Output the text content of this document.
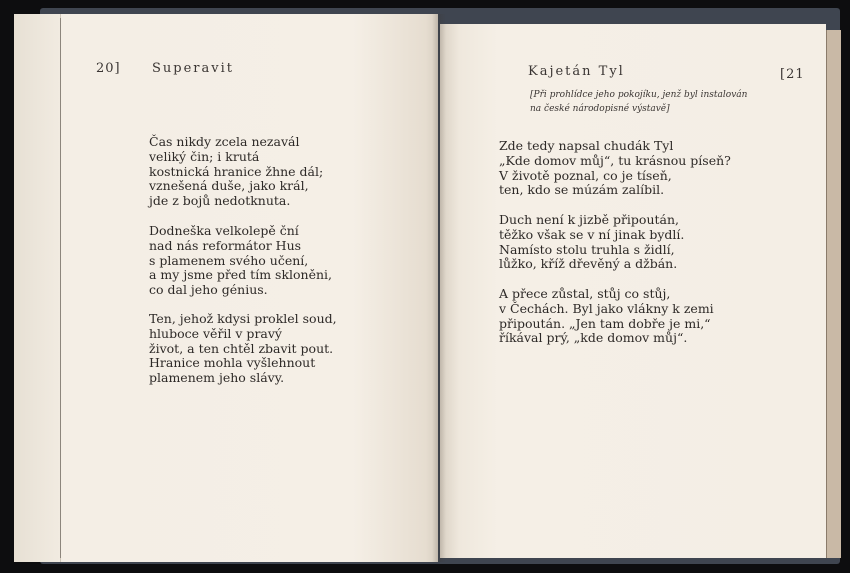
20] Superavit
Čas nikdy zcela nezavál
veliký čin; i krutá
kostnická hranice žhne dál;
vznešená duše, jako král,
jde z bojů nedotknuta.
Dodneška velkolepě ční
nad nás reformátor Hus
s plamenem svého učení,
a my jsme před tím skloněni,
co dal jeho génius.
Ten, jehož kdysi proklel soud,
hluboce věřil v pravý
život, a ten chtěl zbavit pout.
Hranice mohla vyšlehnout
plamenem jeho slávy.
Kajetán Tyl	[21
[Při prohlídce jeho pokojíku, jenž byl instalován
na české národopisné výstavě]
Zde tedy napsal chudák Tyl
„Kde domov můj“, tu krásnou píseň?
V životě poznal, co je tíseň,
ten, kdo se múzám zalíbil.
Duch není k jizbě připoután,
těžko však se v ní jinak bydlí.
Namísto stolu truhla s židlí,
lůžko, kříž dřevěný a džbán.
A přece zůstal, stůj co stůj,
v Čechách. Byl jako vlákny k zemi
připoután. „Jen tam dobře je mi,“
říkával prý, „kde domov můj“.
